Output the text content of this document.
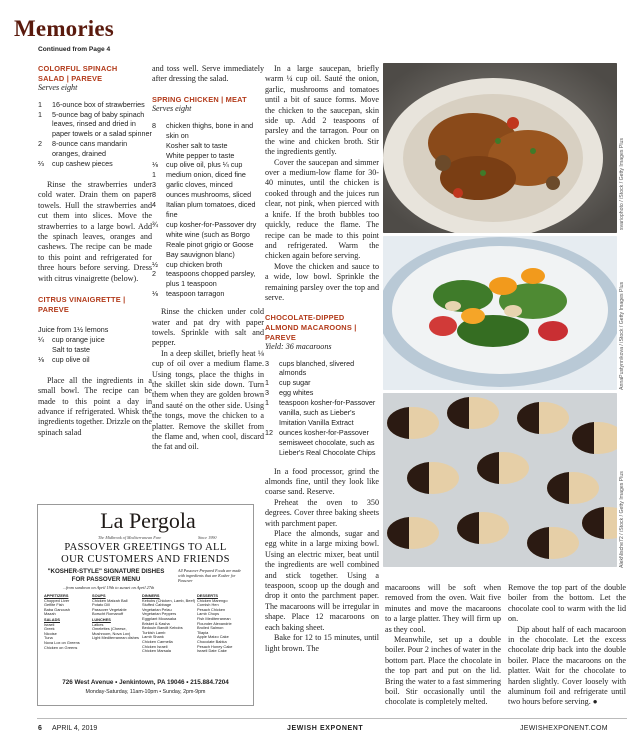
Memories
Continued from Page 4
COLORFUL SPINACH
SALAD | PAREVE
Serves eight
1	16-ounce box of strawberries
1	5-ounce bag of baby spinach leaves, rinsed and dried in paper towels or a salad spinner
2	8-ounce cans mandarin oranges, drained
⅔	cup cashew pieces

Rinse the strawberries under cold water. Drain them on paper towels. Hull the strawberries and cut them into slices. Move the strawberries to a large bowl. Add the spinach leaves, oranges and cashews. The recipe can be made to this point and refrigerated for three hours before serving. Dress with citrus vinaigrette (below).

CITRUS VINAIGRETTE |
PAREVE
Juice from 1½ lemons
¼	cup orange juice
Salt to taste
⅛	cup olive oil

Place all the ingredients in a small bowl. The recipe can be made to this point a day in advance if refrigerated. Whisk the ingredients together. Drizzle on the spinach salad

and toss well. Serve immediately after dressing the salad.

SPRING CHICKEN | MEAT
Serves eight
8	chicken thighs, bone in and skin on
Kosher salt to taste
White pepper to taste
⅛	cup olive oil, plus ¼ cup
1	medium onion, diced fine
3	garlic cloves, minced
8	ounces mushrooms, sliced
4	Italian plum tomatoes, diced fine
¾	cup kosher-for-Passover dry white wine (such as Borgo Reale pinot grigio or Goose Bay sauvignon blanc)
½	cup chicken broth
2	teaspoons chopped parsley, plus 1 teaspoon
⅛	teaspoon tarragon

Rinse the chicken under cold water and pat dry with paper towels. Sprinkle with salt and pepper.

In a deep skillet, briefly heat ⅛ cup of oil over a medium flame. Using tongs, place the thighs in the skillet skin side down. Turn them when they are golden brown and sauté on the other side. Using the tongs, move the chicken to a platter. Remove the skillet from the flame and, when cool, discard the fat and oil.

In a large saucepan, briefly warm ¼ cup oil. Sauté the onion, garlic, mushrooms and tomatoes until a bit of sauce forms. Move the chicken to the saucepan, skin side up. Add 2 teaspoons of parsley and the tarragon. Pour on the wine and chicken broth. Stir the ingredients gently.

Cover the saucepan and simmer over a medium-low flame for 30-40 minutes, until the chicken is cooked through and the juices run clear, not pink, when pierced with a knife. If the broth bubbles too quickly, reduce the flame. The recipe can be made to this point and refrigerated. Warm the chicken again before serving.

Move the chicken and sauce to a wide, low bowl. Sprinkle the remaining parsley over the top and serve.

CHOCOLATE-DIPPED
ALMOND MACAROONS |
PAREVE
Yield: 36 macaroons
3	cups blanched, slivered almonds
1	cup sugar
3	egg whites
1	teaspoon kosher-for-Passover vanilla, such as Lieber's Imitation Vanilla Extract
12 ounces kosher-for-Passover semisweet chocolate, such as Lieber's Real Chocolate Chips

In a food processor, grind the almonds fine, until they look like coarse sand. Reserve.

Preheat the oven to 350 degrees. Cover three baking sheets with parchment paper.

Place the almonds, sugar and egg white in a large mixing bowl. Using an electric mixer, beat until the ingredients are well combined and stick together. Using a teaspoon, scoop up the dough and drop it onto the parchment paper. The macaroons will be irregular in shape. Place 12 macaroons on each baking sheet.

Bake for 12 to 15 minutes, until light brown. The

macaroons will be soft when removed from the oven. Wait five minutes and move the macaroons to a large platter. They will firm up as they cool.

Meanwhile, set up a double boiler. Pour 2 inches of water in the bottom part. Place the chocolate in the top part and put on the lid. Bring the water to a fast simmering boil. Stir occasionally until the chocolate is completely melted.

Remove the top part of the double boiler from the bottom. Let the chocolate cool to warm with the lid on.

Dip about half of each macaroon in the chocolate. Let the excess chocolate drip back into the double boiler. Place the macaroons on the platter. Wait for the chocolate to harden slightly. Cover loosely with aluminum foil and refrigerate until two hours before serving. ●

svariophoto / iStock / Getty Images Plus
AnnaPustynnikova / iStock / Getty Images Plus
AlekNische72 / iStock / Getty Images Plus
La Pergola
The Midbrook of Mediterranean Fare	Since 1990
PASSOVER GREETINGS TO ALL
OUR CUSTOMERS AND FRIENDS
"KOSHER-STYLE" SIGNATURE DISHES
FOR PASSOVER MENU
...from sundown on April 19th to sunset on April 27th
All Passover Prepared Foods are made with ingredients that are Kosher for Passover
APPETIZERS
Chopped Liver
Gefilte Fish
Baba Ganoush
Mazah
SALADS
Israeli
Greek
Nicoise
Tuna
Nova Lox on Greens
Chicken on Greens
SOUPS
Chicken Matzah Ball
Potato Dill
Passover Vegetable
Borscht Romanoff
LUNCHES
Latkes
Omelettes (Cheese, Mushroom, Nova Lox)
Light Mediterranean dishes
DINNERS
Kebobs (Chicken, Lamb, Beef)
Stuffed Cabbage
Vegetarian Pelau
Vegetarian Peppers
Eggplant Moussaka
Brisket & Kasha
Bedouin Bandit Kebobs
Turkish Lamb
Lamb Shank
Chicken Carmella
Chicken Israeli
Chicken Marsala
DESSERTS
Chicken Marengo
Cornish Hen
Pesach Chicken
Lamb Chops
Fish Mediterranean
Flounder Alexandrie
Broiled Salmon
Tilapia
Apple Matzo Cake
Chocolate Babka
Pesach Honey Cake
Israeli Date Cake
726 West Avenue • Jenkintown, PA 19046 • 215.884.7204
Monday-Saturday, 11am-10pm • Sunday, 2pm-9pm
6 APRIL 4, 2019	JEWISH EXPONENT	JEWISHEXPONENT.COM
